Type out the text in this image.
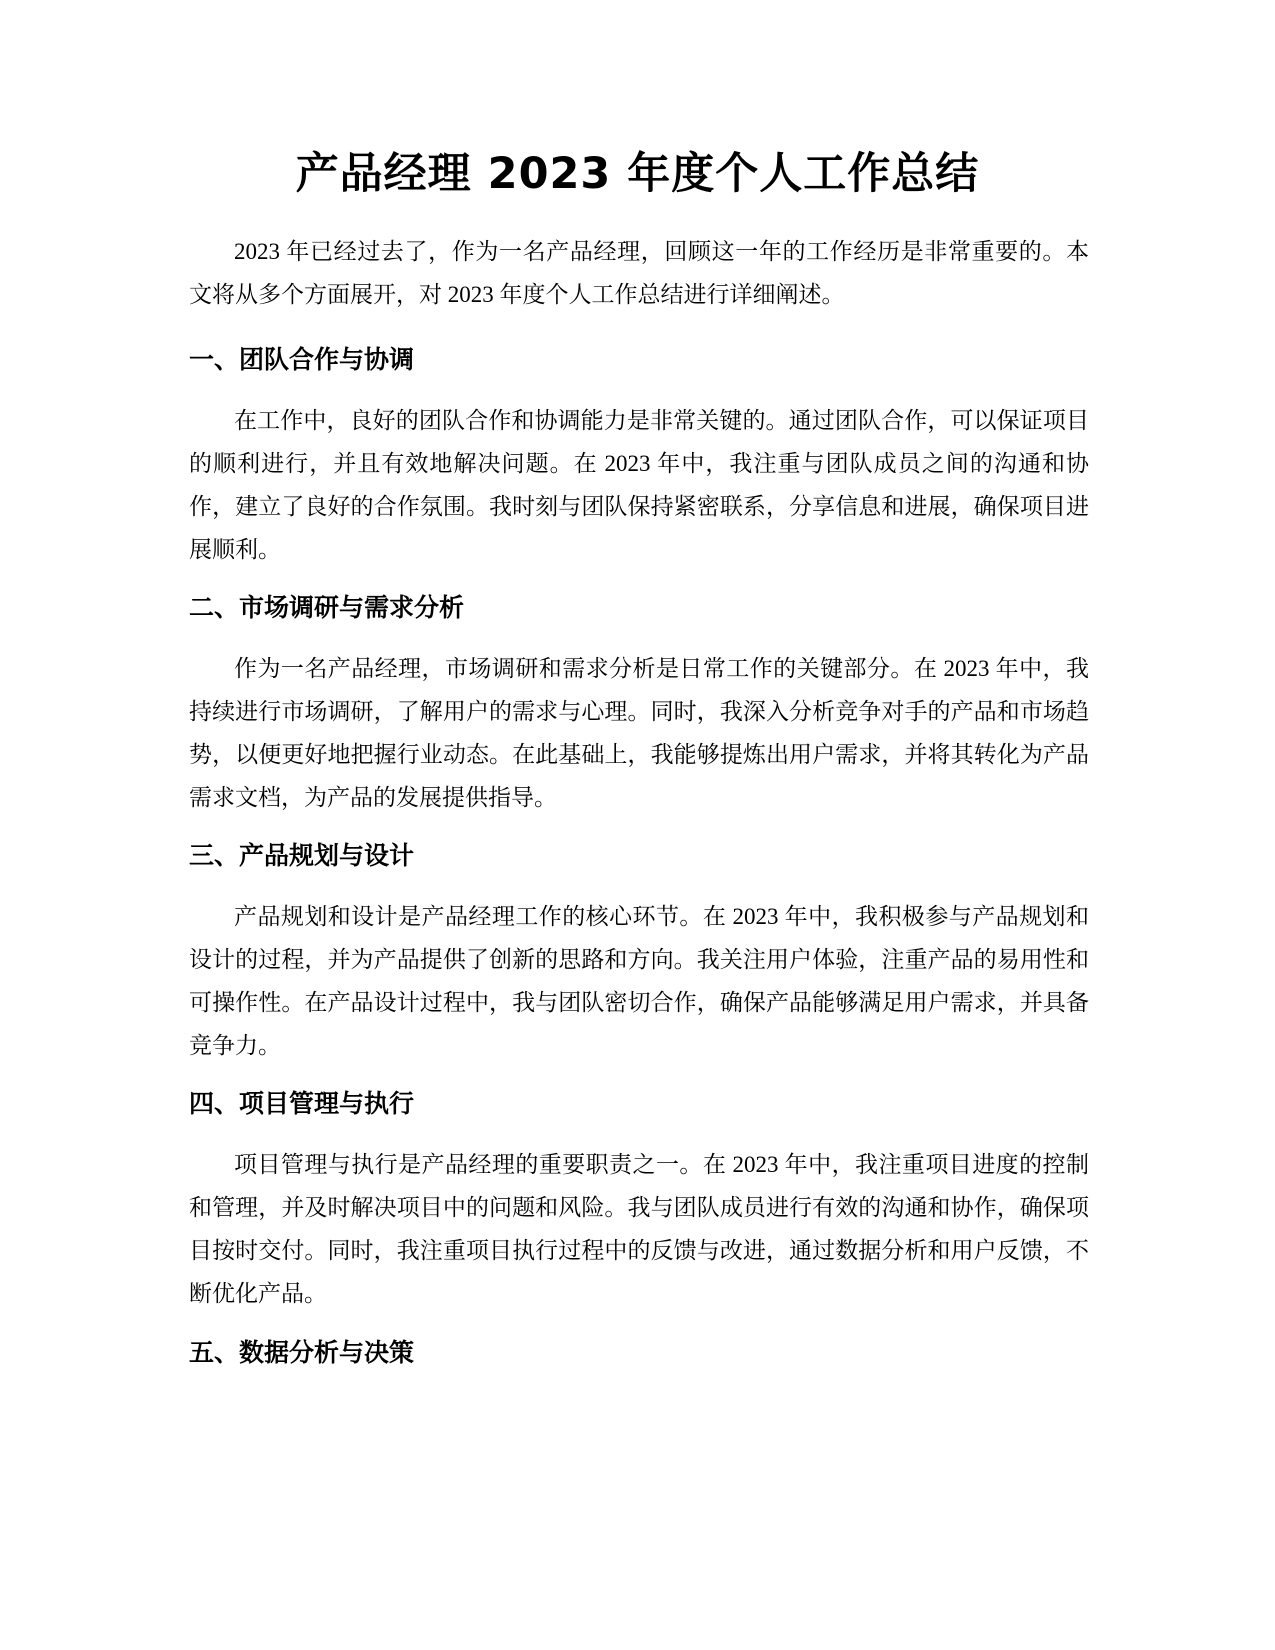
产品经理 2023 年度个人工作总结

2023 年已经过去了，作为一名产品经理，回顾这一年的工作经历是非常重要的。本文将从多个方面展开，对 2023 年度个人工作总结进行详细阐述。

一、团队合作与协调

在工作中，良好的团队合作和协调能力是非常关键的。通过团队合作，可以保证项目的顺利进行，并且有效地解决问题。在 2023 年中，我注重与团队成员之间的沟通和协作，建立了良好的合作氛围。我时刻与团队保持紧密联系，分享信息和进展，确保项目进展顺利。

二、市场调研与需求分析

作为一名产品经理，市场调研和需求分析是日常工作的关键部分。在 2023 年中，我持续进行市场调研，了解用户的需求与心理。同时，我深入分析竞争对手的产品和市场趋势，以便更好地把握行业动态。在此基础上，我能够提炼出用户需求，并将其转化为产品需求文档，为产品的发展提供指导。

三、产品规划与设计

产品规划和设计是产品经理工作的核心环节。在 2023 年中，我积极参与产品规划和设计的过程，并为产品提供了创新的思路和方向。我关注用户体验，注重产品的易用性和可操作性。在产品设计过程中，我与团队密切合作，确保产品能够满足用户需求，并具备竞争力。

四、项目管理与执行

项目管理与执行是产品经理的重要职责之一。在 2023 年中，我注重项目进度的控制和管理，并及时解决项目中的问题和风险。我与团队成员进行有效的沟通和协作，确保项目按时交付。同时，我注重项目执行过程中的反馈与改进，通过数据分析和用户反馈，不断优化产品。

五、数据分析与决策
